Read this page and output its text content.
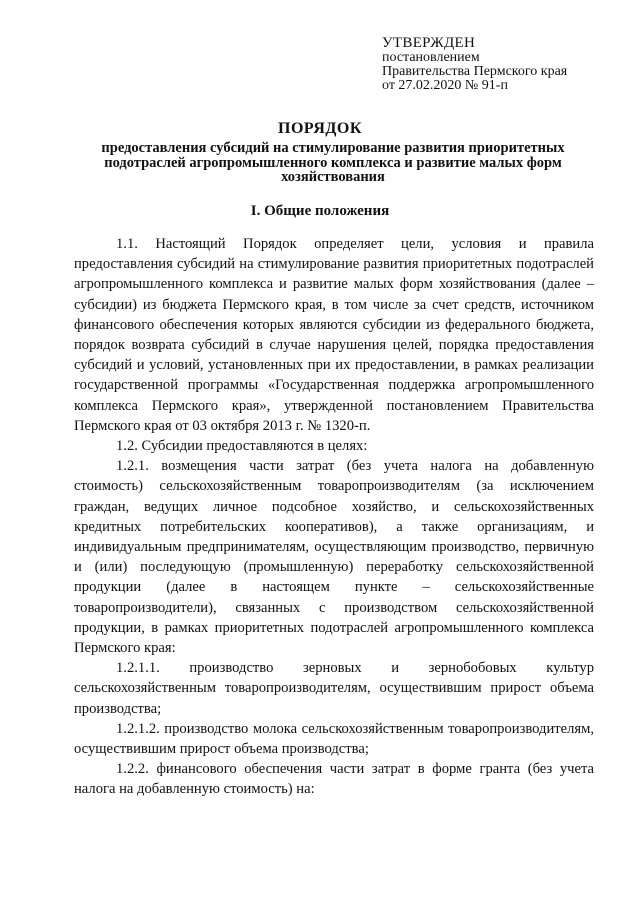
УТВЕРЖДЕН
постановлением
Правительства Пермского края
от 27.02.2020 № 91-п
ПОРЯДОК
предоставления субсидий на стимулирование развития приоритетных подотраслей агропромышленного комплекса и развитие малых форм хозяйствования
I. Общие положения

1.1. Настоящий Порядок определяет цели, условия и правила предоставления субсидий на стимулирование развития приоритетных подотраслей агропромышленного комплекса и развитие малых форм хозяйствования (далее – субсидии) из бюджета Пермского края, в том числе за счет средств, источником финансового обеспечения которых являются субсидии из федерального бюджета, порядок возврата субсидий в случае нарушения целей, порядка предоставления субсидий и условий, установленных при их предоставлении, в рамках реализации государственной программы «Государственная поддержка агропромышленного комплекса Пермского края», утвержденной постановлением Правительства Пермского края от 03 октября 2013 г. № 1320-п.

1.2. Субсидии предоставляются в целях:

1.2.1. возмещения части затрат (без учета налога на добавленную стоимость) сельскохозяйственным товаропроизводителям (за исключением граждан, ведущих личное подсобное хозяйство, и сельскохозяйственных кредитных потребительских кооперативов), а также организациям, и индивидуальным предпринимателям, осуществляющим производство, первичную и (или) последующую (промышленную) переработку сельскохозяйственной продукции (далее в настоящем пункте – сельскохозяйственные товаропроизводители), связанных с производством сельскохозяйственной продукции, в рамках приоритетных подотраслей агропромышленного комплекса Пермского края:

1.2.1.1. производство зерновых и зернобобовых культур сельскохозяйственным товаропроизводителям, осуществившим прирост объема производства;

1.2.1.2. производство молока сельскохозяйственным товаропроизводителям, осуществившим прирост объема производства;

1.2.2. финансового обеспечения части затрат в форме гранта (без учета налога на добавленную стоимость) на:
